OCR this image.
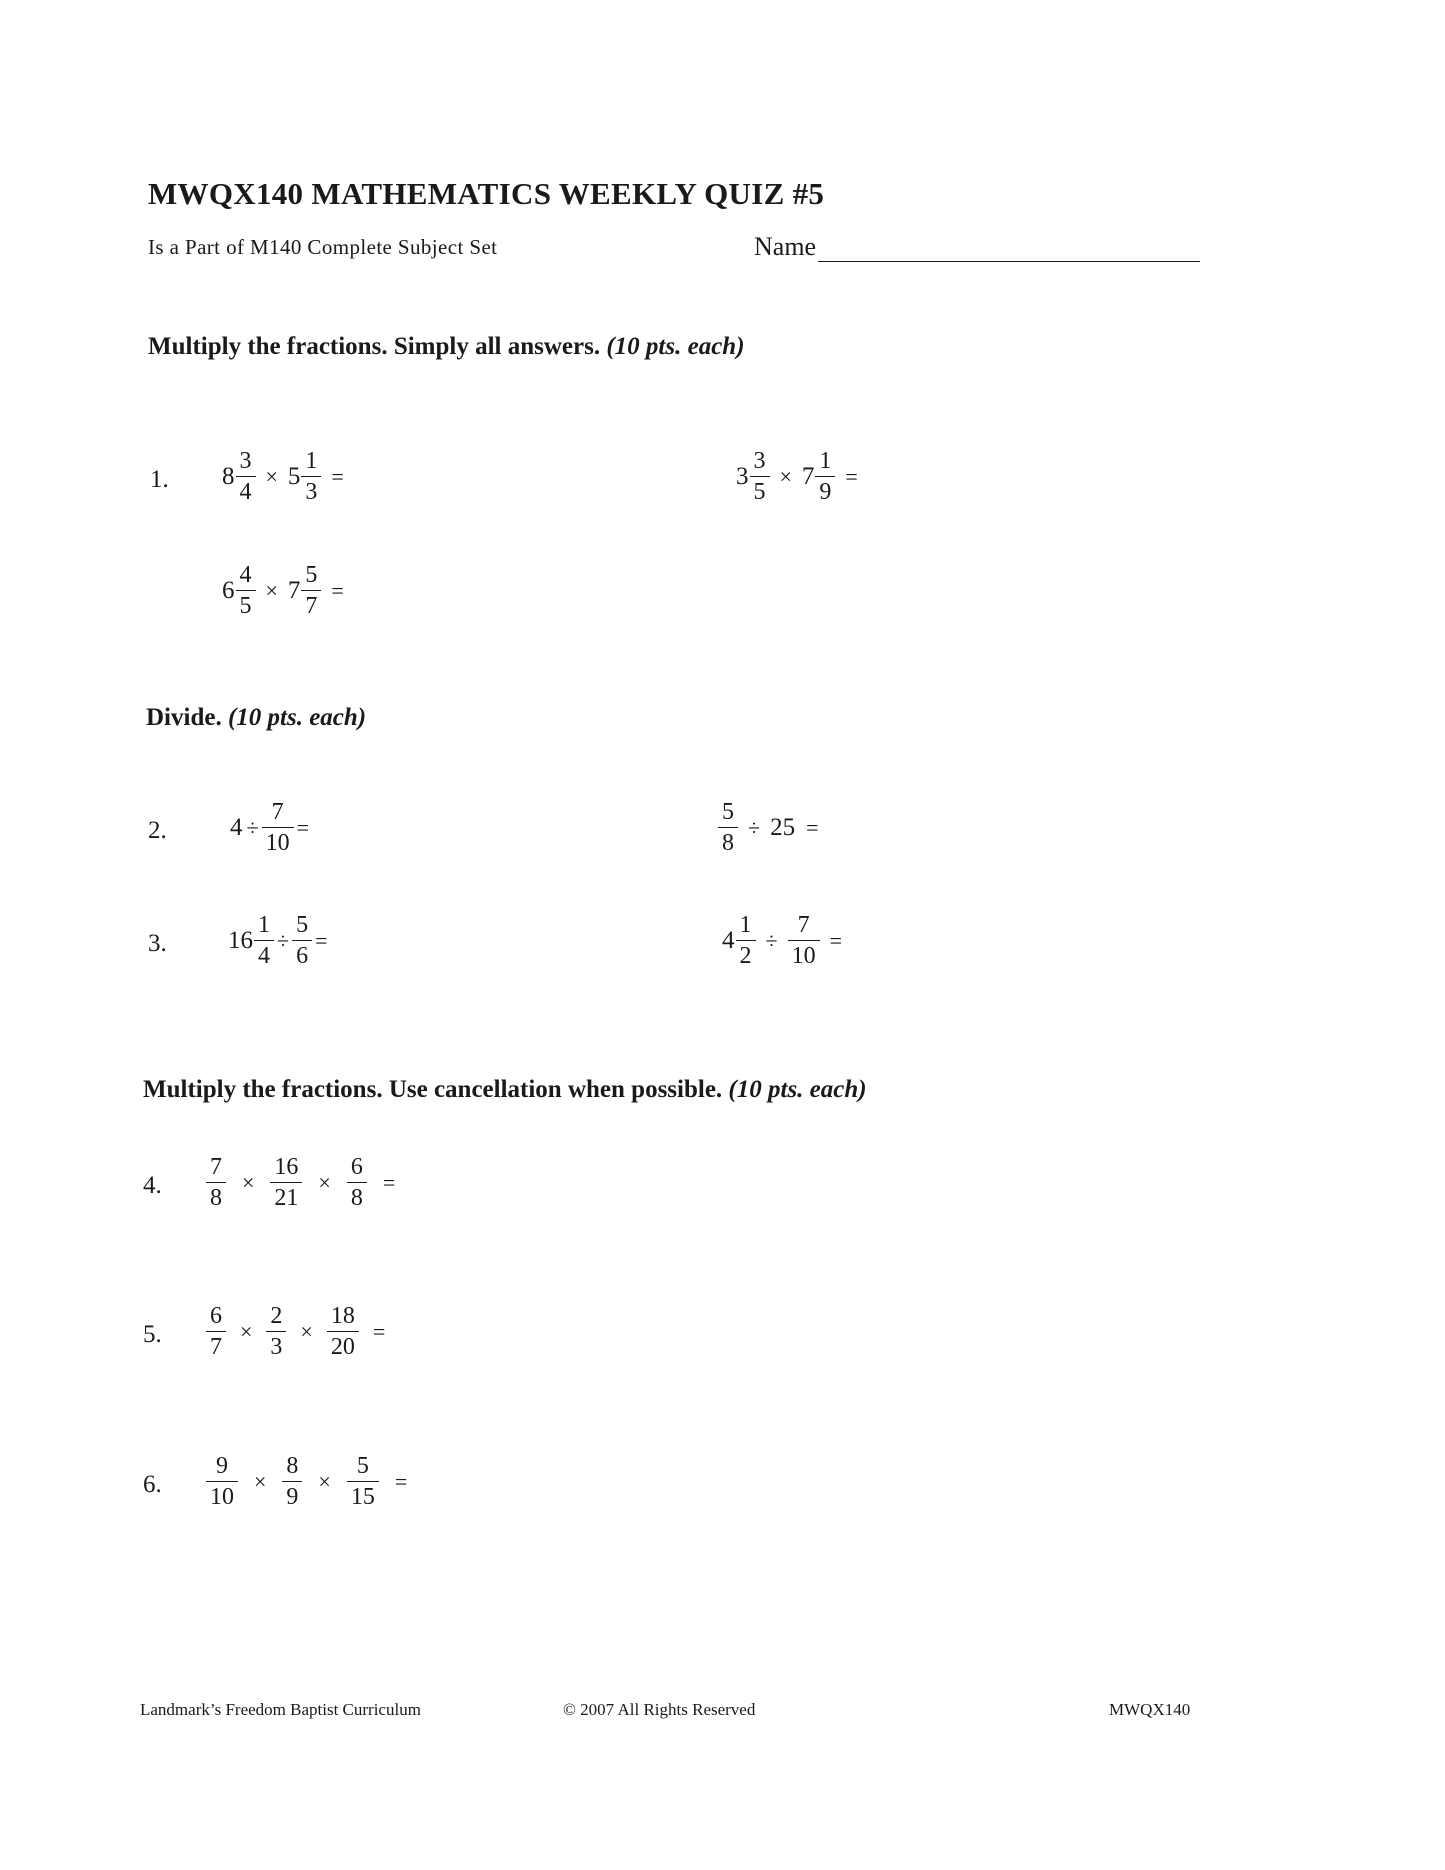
MWQX140 MATHEMATICS WEEKLY QUIZ #5
Is a Part of M140 Complete Subject Set	Name
Multiply the fractions. Simply all answers. (10 pts. each)
1. $8 \frac{3}{4} \times 5 \frac{1}{3}$ =	$3 \frac{3}{5} \times 7 \frac{1}{9}$ =
$6 \frac{4}{5} \times 7 \frac{5}{7}$ =
Divide. (10 pts. each)
2.	$4 \div \frac{7}{10}$ =	$\frac{5}{8} \div 25$ =
3. $16 \frac{1}{4} \div \frac{5}{6}$ =	$4 \frac{1}{2} \div \frac{7}{10}$ =
Multiply the fractions. Use cancellation when possible. (10 pts. each)
4. $\frac{7}{8} \times \frac{16}{21} \times \frac{6}{8}$ =
5. $\frac{6}{7} \times \frac{2}{3} \times \frac{18}{20}$ =
6. $\frac{9}{10} \times \frac{8}{9} \times \frac{5}{15}$ =
Landmark’s Freedom Baptist Curriculum	© 2007 All Rights Reserved	MWQX140
